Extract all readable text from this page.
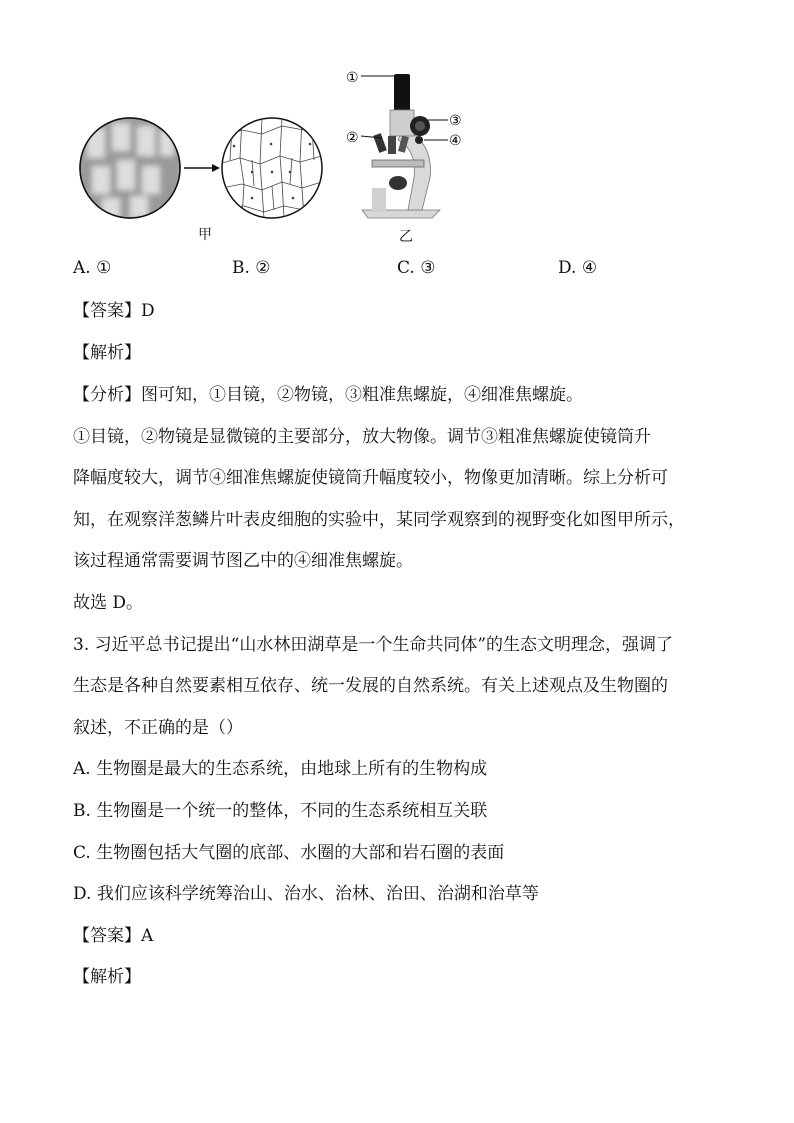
①
②
③
④
甲	乙
A. ①	B. ②	C. ③	D. ④
【答案】D
【解析】
【分析】图可知，①目镜，②物镜，③粗准焦螺旋，④细准焦螺旋。
①目镜，②物镜是显微镜的主要部分，放大物像。调节③粗准焦螺旋使镜筒升
降幅度较大，调节④细准焦螺旋使镜筒升幅度较小，物像更加清晰。综上分析可
知，在观察洋葱鳞片叶表皮细胞的实验中，某同学观察到的视野变化如图甲所示，
该过程通常需要调节图乙中的④细准焦螺旋。
故选 D。
3. 习近平总书记提出“山水林田湖草是一个生命共同体”的生态文明理念，强调了
生态是各种自然要素相互依存、统一发展的自然系统。有关上述观点及生物圈的
叙述，不正确的是（）
A. 生物圈是最大的生态系统，由地球上所有的生物构成
B. 生物圈是一个统一的整体，不同的生态系统相互关联
C. 生物圈包括大气圈的底部、水圈的大部和岩石圈的表面
D. 我们应该科学统筹治山、治水、治林、治田、治湖和治草等
【答案】A
【解析】
